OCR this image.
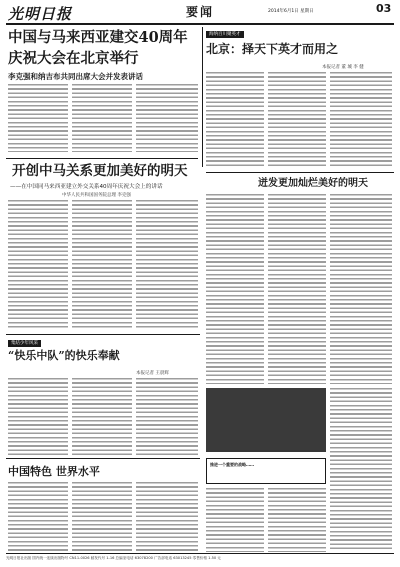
光明日报	要闻	2014年6月1日 星期日	03
中国与马来西亚建交40周年
庆祝大会在北京举行
李克强和纳吉布共同出席大会并发表讲话
海纳百川聚英才
北京：择天下英才而用之
本报记者 董 城 李 健
开创中马关系更加美好的明天
——在中国同马来西亚建立外交关系40周年庆祝大会上的讲话
中华人民共和国国务院总理 李克强
迸发更加灿烂美好的明天
集结少年风采
“快乐中队”的快乐奉献
本报记者 王晨辉
中国特色 世界水平
推进一个重要的战略……
光明日报社出版 国内统一连续出版物号 CN11-0026 邮发代号 1-16 总编室电话 63078200 广告部电话 63013245 零售价格 1.50 元
